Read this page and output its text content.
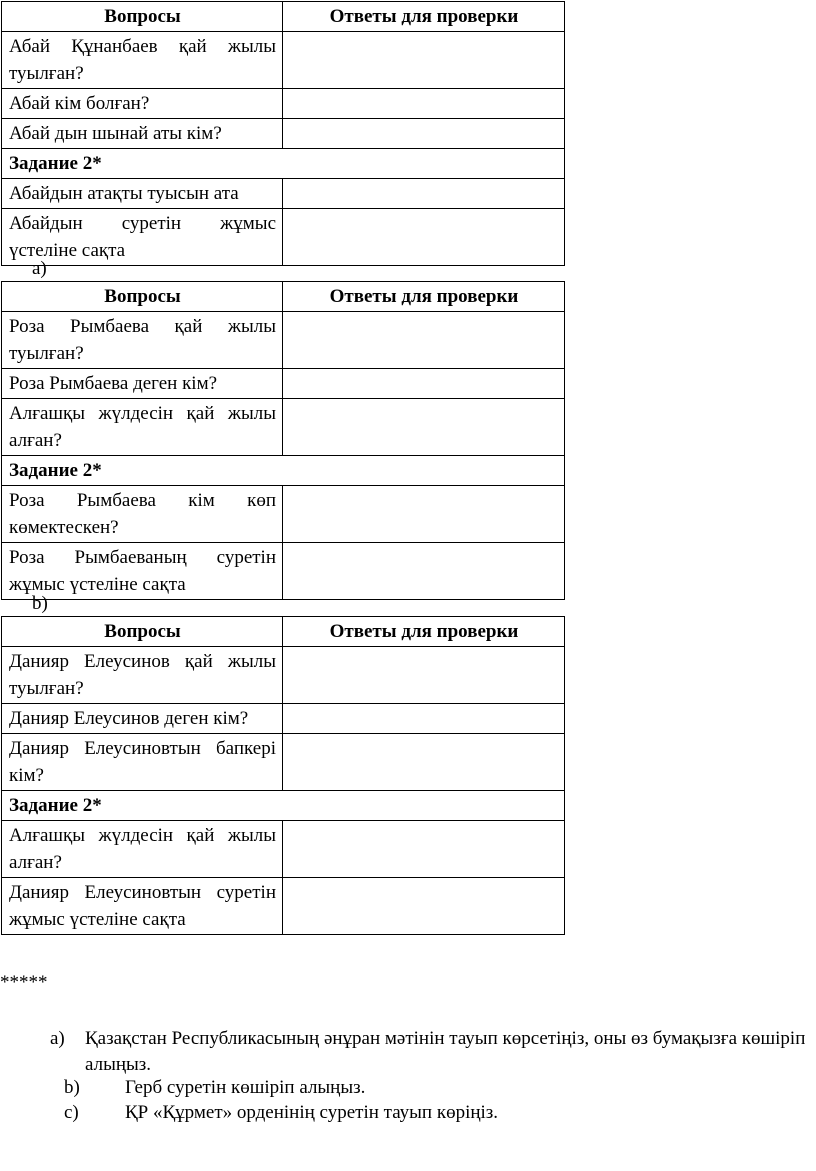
Вопросы	Ответы для проверки
Абай Құнанбаев қай жылы туылған?	
Абай кім болған?	
Абай дын шынай аты кім?	
Задание 2*	
Абайдын атақты туысын ата	
Абайдын суретін жұмыс үстеліне сақта	
a)
Вопросы	Ответы для проверки
Роза Рымбаева қай жылы туылған?	
Роза Рымбаева деген кім?	
Алғашқы жүлдесін қай жылы алған?	
Задание 2*	
Роза Рымбаева кім көп көмектескен?	
Роза Рымбаеваның суретін жұмыс үстеліне сақта	
b)
Вопросы	Ответы для проверки
Данияр Елеусинов қай жылы туылған?	
Данияр Елеусинов деген кім?	
Данияр Елеусиновтын бапкері кім?	
Задание 2*	
Алғашқы жүлдесін қай жылы алған?	
Данияр Елеусиновтын суретін жұмыс үстеліне сақта	
*****
a) Қазақстан Республикасының әнұран мәтінін тауып көрсетіңіз, оны өз бумақызға көшіріп алыңыз.
b) Герб суретін көшіріп алыңыз.
c) ҚР «Құрмет» орденінің суретін тауып көріңіз.
